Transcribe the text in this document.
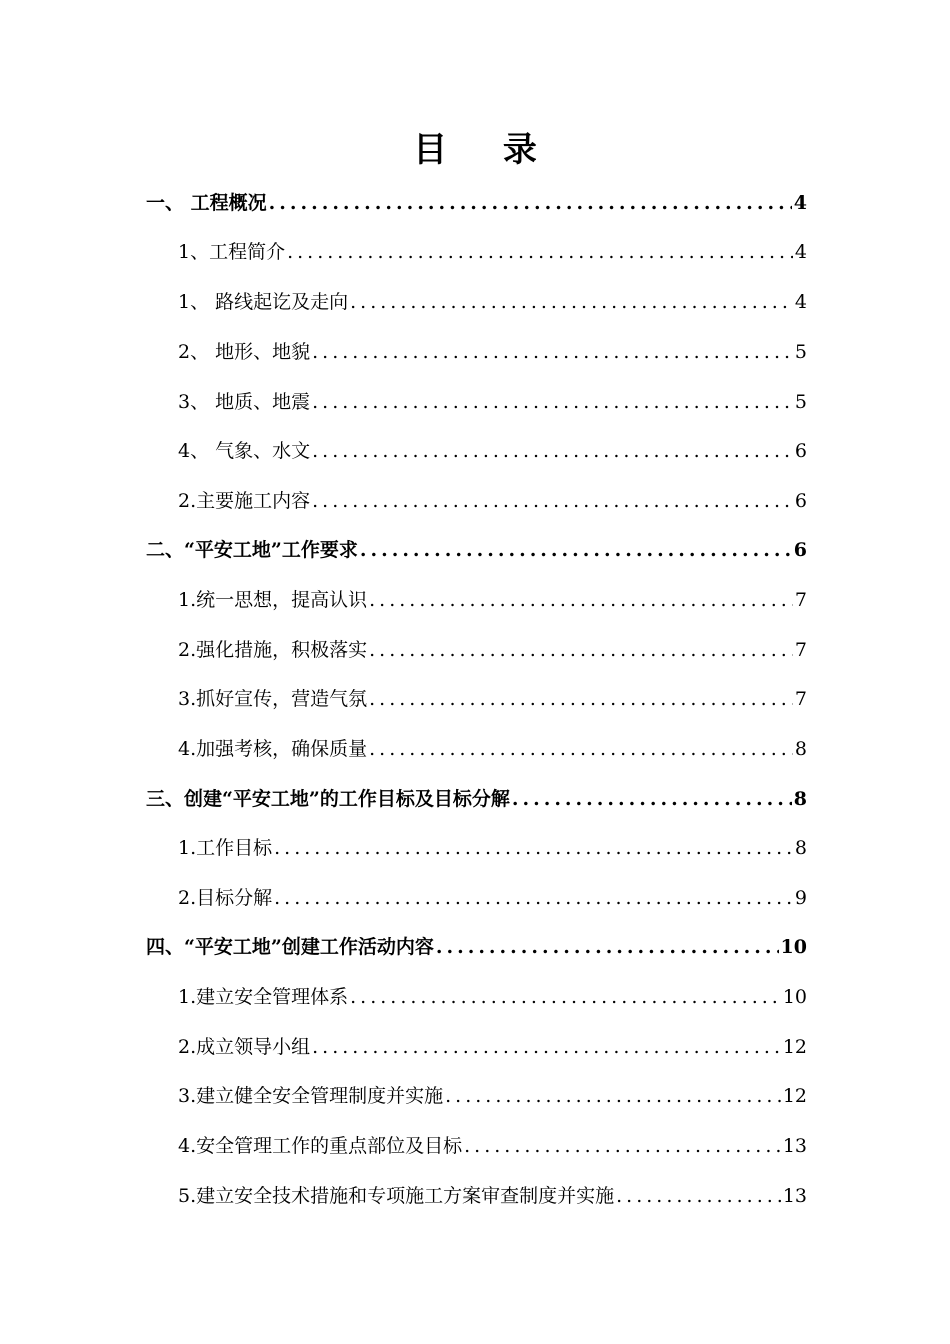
目 录
一、 工程概况 .....	4
1、工程简介 .....	4
1、 路线起讫及走向 .....	4
2、 地形、地貌 .....	5
3、 地质、地震 .....	5
4、 气象、水文 .....	6
2.主要施工内容 .....	6
二、“平安工地”工作要求 .....	6
1.统一思想，提高认识 .....	7
2.强化措施，积极落实 .....	7
3.抓好宣传，营造气氛 .....	7
4.加强考核，确保质量 .....	8
三、创建“平安工地”的工作目标及目标分解 .....	8
1.工作目标 .....	8
2.目标分解 .....	9
四、“平安工地”创建工作活动内容 .....	10
1.建立安全管理体系 .....	10
2.成立领导小组 .....	12
3.建立健全安全管理制度并实施 .....	12
4.安全管理工作的重点部位及目标 .....	13
5.建立安全技术措施和专项施工方案审查制度并实施 .....	13
